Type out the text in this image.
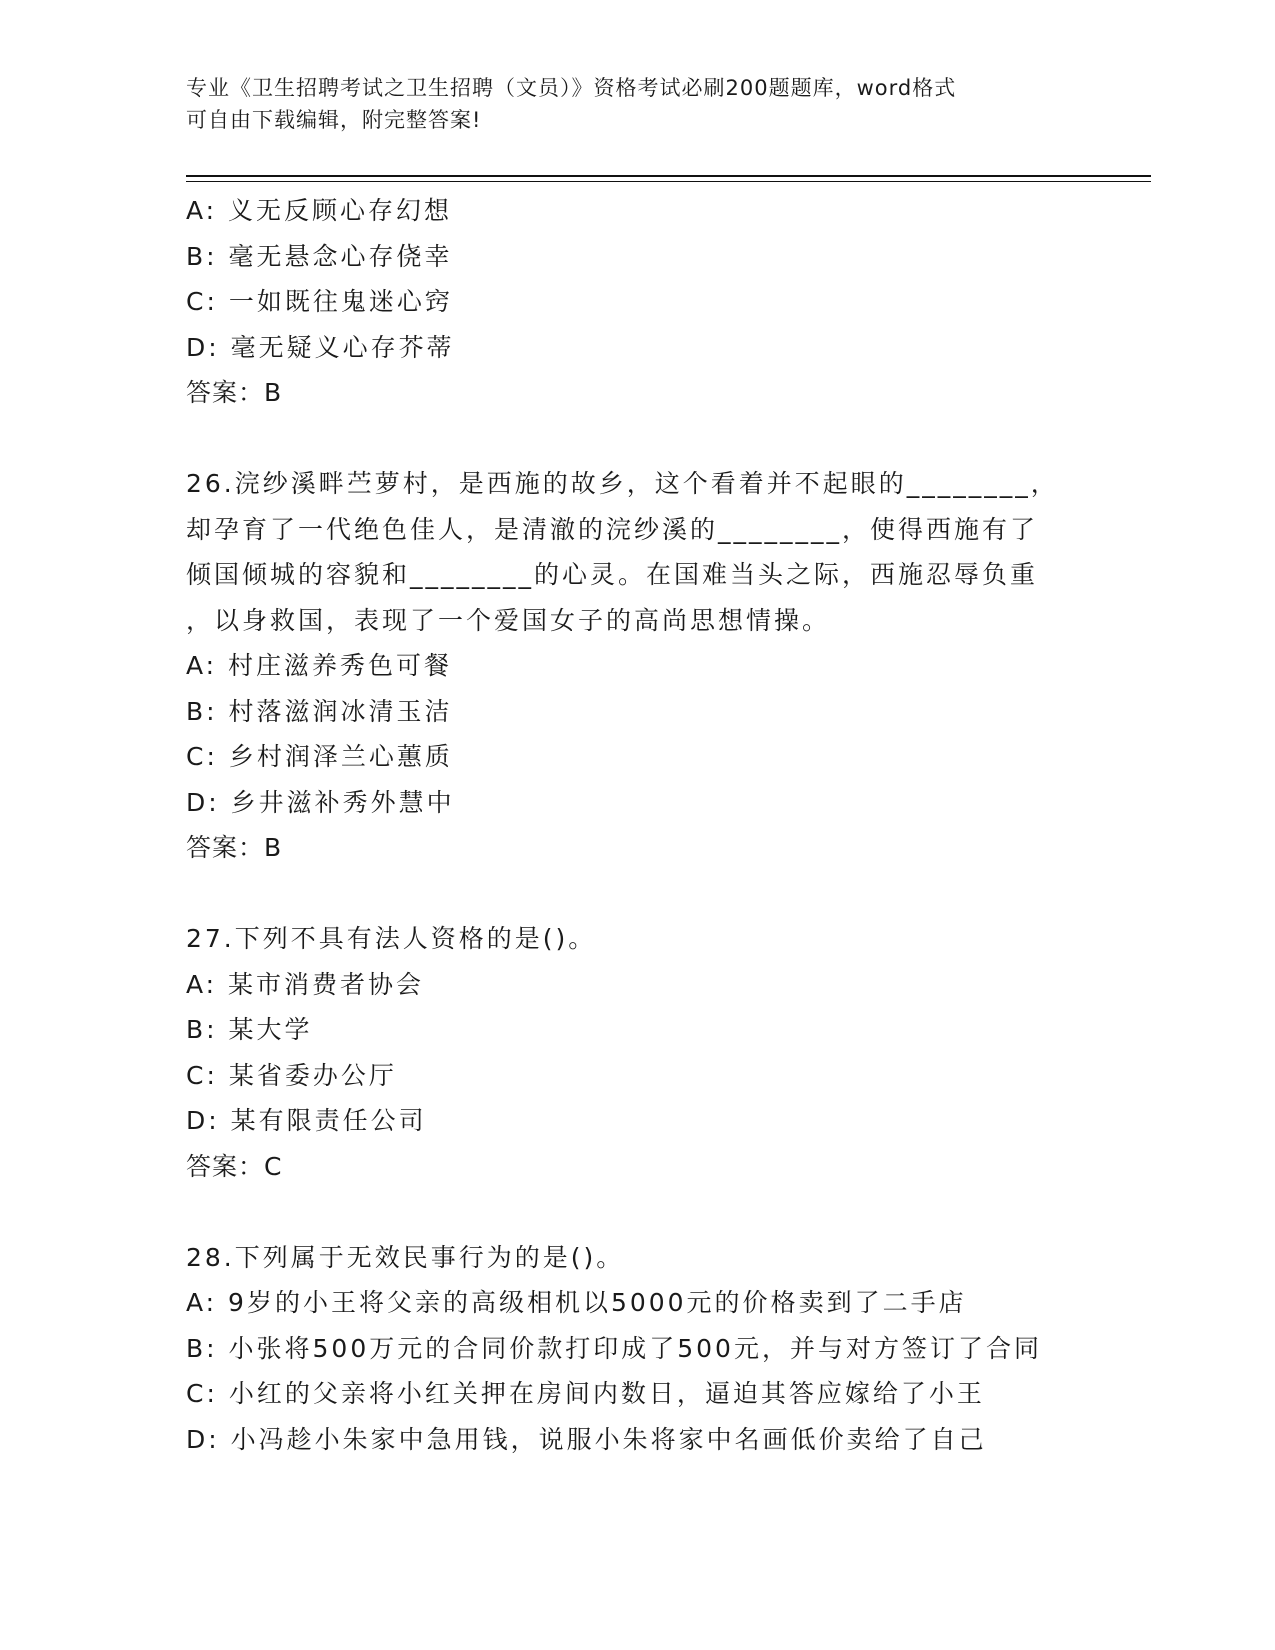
专业《卫生招聘考试之卫生招聘（文员）》资格考试必刷200题题库，word格式
可自由下载编辑，附完整答案!
A: 义无反顾心存幻想
B: 毫无悬念心存侥幸
C: 一如既往鬼迷心窍
D: 毫无疑义心存芥蒂
答案：B
26.浣纱溪畔苎萝村，是西施的故乡，这个看着并不起眼的________，
却孕育了一代绝色佳人，是清澈的浣纱溪的________，使得西施有了
倾国倾城的容貌和________的心灵。在国难当头之际，西施忍辱负重
，以身救国，表现了一个爱国女子的高尚思想情操。
A: 村庄滋养秀色可餐
B: 村落滋润冰清玉洁
C: 乡村润泽兰心蕙质
D: 乡井滋补秀外慧中
答案：B
27.下列不具有法人资格的是()。
A: 某市消费者协会
B: 某大学
C: 某省委办公厅
D: 某有限责任公司
答案：C
28.下列属于无效民事行为的是()。
A: 9岁的小王将父亲的高级相机以5000元的价格卖到了二手店
B: 小张将500万元的合同价款打印成了500元，并与对方签订了合同
C: 小红的父亲将小红关押在房间内数日，逼迫其答应嫁给了小王
D: 小冯趁小朱家中急用钱，说服小朱将家中名画低价卖给了自己
